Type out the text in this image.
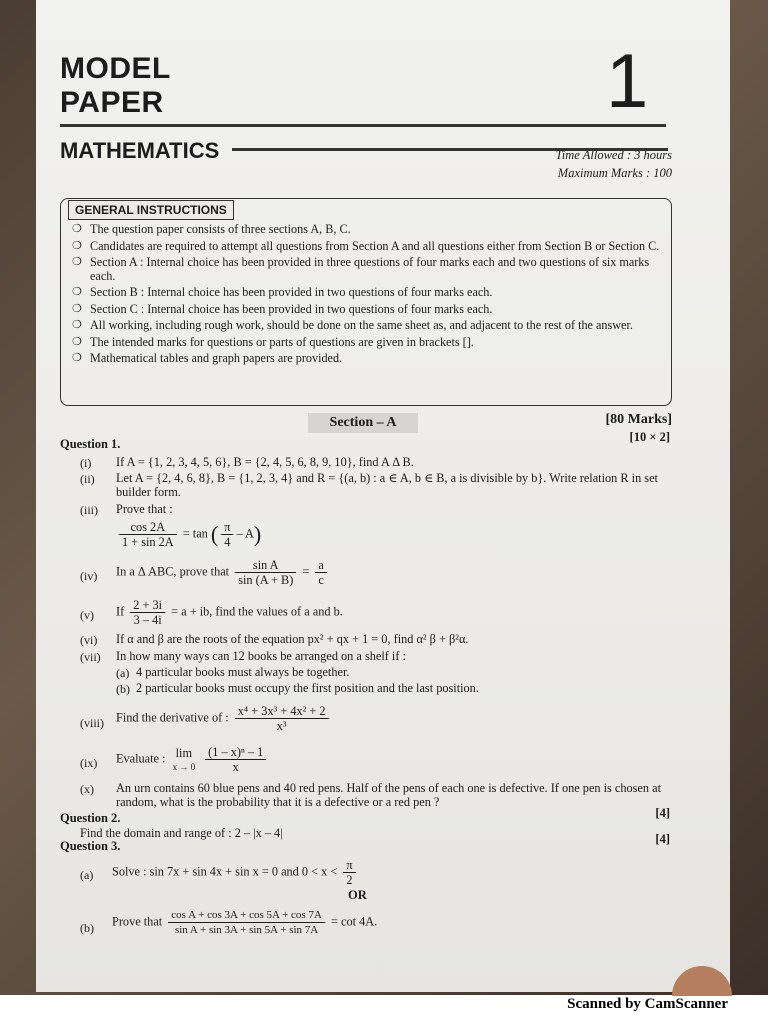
MODEL
PAPER	1
MATHEMATICS	Time Allowed : 3 hours
Maximum Marks : 100
GENERAL INSTRUCTIONS
❍ The question paper consists of three sections A, B, C.
❍ Candidates are required to attempt all questions from Section A and all questions either from Section B or Section C.
❍ Section A : Internal choice has been provided in three questions of four marks each and two questions of six marks each.
❍ Section B : Internal choice has been provided in two questions of four marks each.
❍ Section C : Internal choice has been provided in two questions of four marks each.
❍ All working, including rough work, should be done on the same sheet as, and adjacent to the rest of the answer.
❍ The intended marks for questions or parts of questions are given in brackets [].
❍ Mathematical tables and graph papers are provided.
Section – A	[80 Marks]
[10 × 2]
Question 1.
(i) If A = {1, 2, 3, 4, 5, 6}, B = {2, 4, 5, 6, 8, 9, 10}, find A Δ B.
(ii) Let A = {2, 4, 6, 8}, B = {1, 2, 3, 4} and R = {(a, b) : a ∈ A, b ∈ B, a is divisible by b}. Write relation R in set builder form.
(iii) Prove that :
$\frac{\cos 2A}{1 + \sin 2A} = \tan$ ( $\frac{\pi}{4} - A$)
(iv) In a Δ ABC, prove that $\frac{\text{sin A}}{\sin (A + B)} = \frac{a}{c}$
(v) If $\frac{2 + 3i}{3 - 4i} = a$ + ib, find the values of a and b.
(vi) If α and β are the roots of the equation px² + qx + 1 = 0, find α² β + β²α.
(vii) In how many ways can 12 books be arranged on a shelf if :
(a) 4 particular books must always be together.
(b) 2 particular books must occupy the first position and the last position.
(viii) Find the derivative of : $\frac{\text{x⁴ + 3x³ + 4x² + 2}}{\text{x³}}$
(ix) Evaluate : lim
x → 0
$\frac{\text{(1 – x)ⁿ – 1}}{x}$
(x) An urn contains 60 blue pens and 40 red pens. Half of the pens of each one is defective. If one pen is chosen at random, what is the probability that it is a defective or a red pen ?
Question 2.	[4]
Find the domain and range of : 2 – |x – 4|
Question 3.	[4]
(a) Solve : sin 7x + sin 4x + sin x = 0 and $0 < x < \frac{\pi}{2}$
OR
(b) Prove that $\frac{\text{cos A + cos 3A + cos 5A + cos 7A}}{\text{sin A + sin 3A + sin 5A + sin 7A}} = \cot 4A$.
Scanned by CamScanner
